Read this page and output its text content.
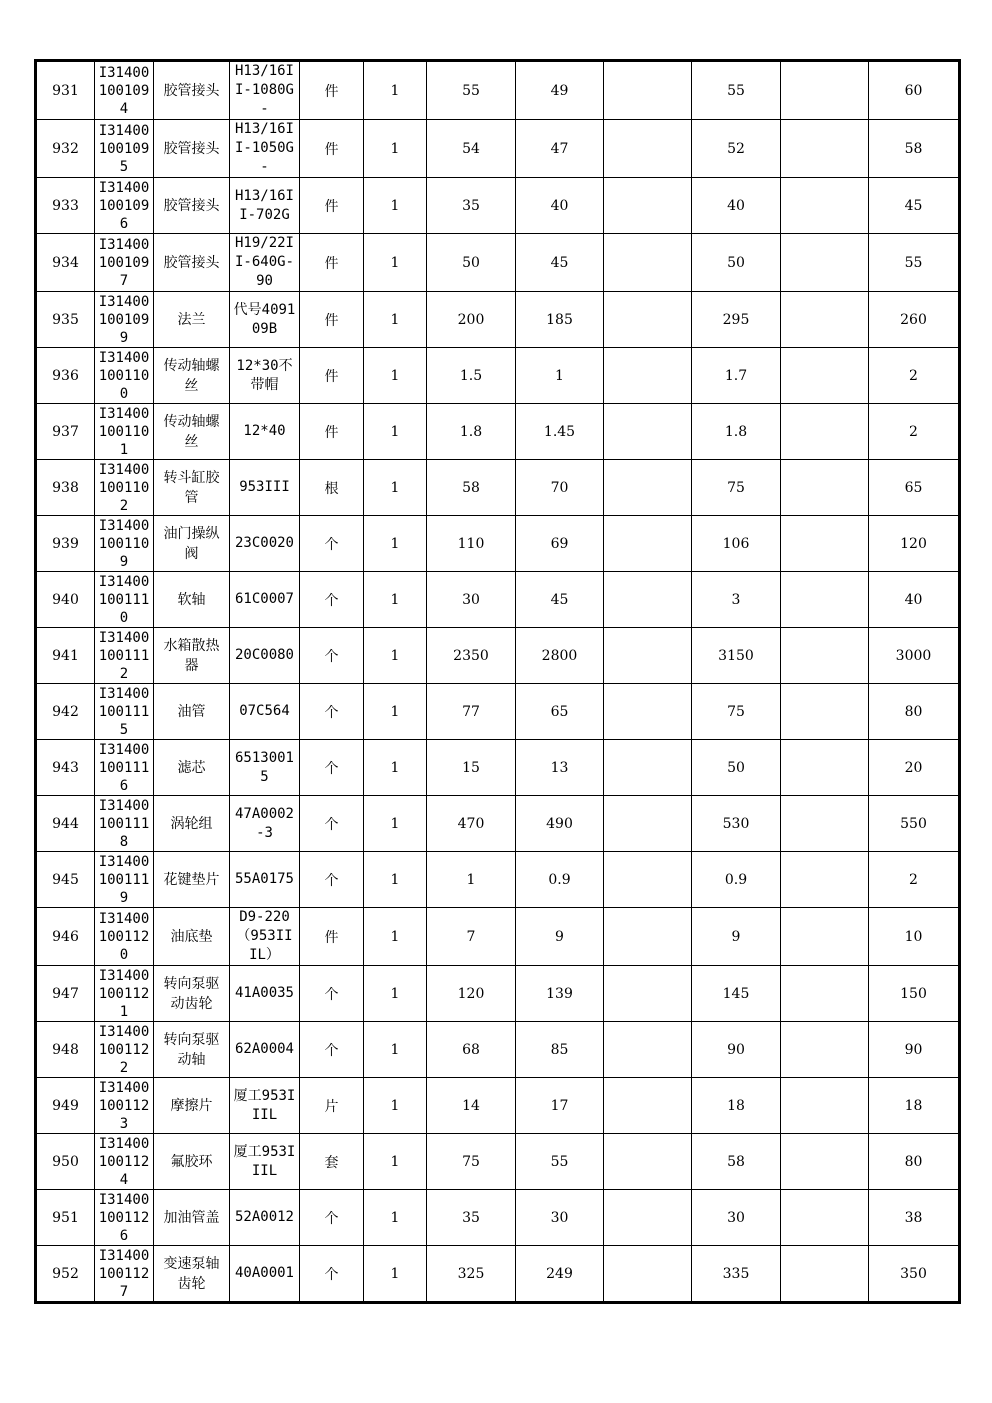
931	I31400100109 4	胶管接头	H13/16II-1080G-	件	1	55	49		55		60
932	I31400100109 5	胶管接头	H13/16II-1050G-	件	1	54	47		52		58
933	I31400100109 6	胶管接头	H13/16II-702G	件	1	35	40		40		45
934	I31400100109 7	胶管接头	H19/22II-640G-90	件	1	50	45		50		55
935	I31400100109 9	法兰	代号409109B	件	1	200	185		295		260
936	I31400100110 0	传动轴螺丝	12*30不带帽	件	1	1.5	1		1.7		2
937	I31400100110 1	传动轴螺丝	12*40	件	1	1.8	1.45		1.8		2
938	I31400100110 2	转斗缸胶管	953III	根	1	58	70		75		65
939	I31400100110 9	油门操纵阀	23C0020	个	1	110	69		106		120
940	I31400100111 0	软轴	61C0007	个	1	30	45		3		40
941	I31400100111 2	水箱散热器	20C0080	个	1	2350	2800		3150		3000
942	I31400100111 5	油管	07C564	个	1	77	65		75		80
943	I31400100111 6	滤芯	65130015	个	1	15	13		50		20
944	I31400100111 8	涡轮组	47A0002-3	个	1	470	490		530		550
945	I31400100111 9	花键垫片	55A0175	个	1	1	0.9		0.9		2
946	I31400100112 0	油底垫	D9-220（953IIIL）	件	1	7	9		9		10
947	I31400100112 1	转向泵驱动齿轮	41A0035	个	1	120	139		145		150
948	I31400100112 2	转向泵驱动轴	62A0004	个	1	68	85		90		90
949	I31400100112 3	摩擦片	厦工953IIIL	片	1	14	17		18		18
950	I31400100112 4	氟胶环	厦工953IIIL	套	1	75	55		58		80
951	I31400100112 6	加油管盖	52A0012	个	1	35	30		30		38
952	I31400100112 7	变速泵轴齿轮	40A0001	个	1	325	249		335		350
